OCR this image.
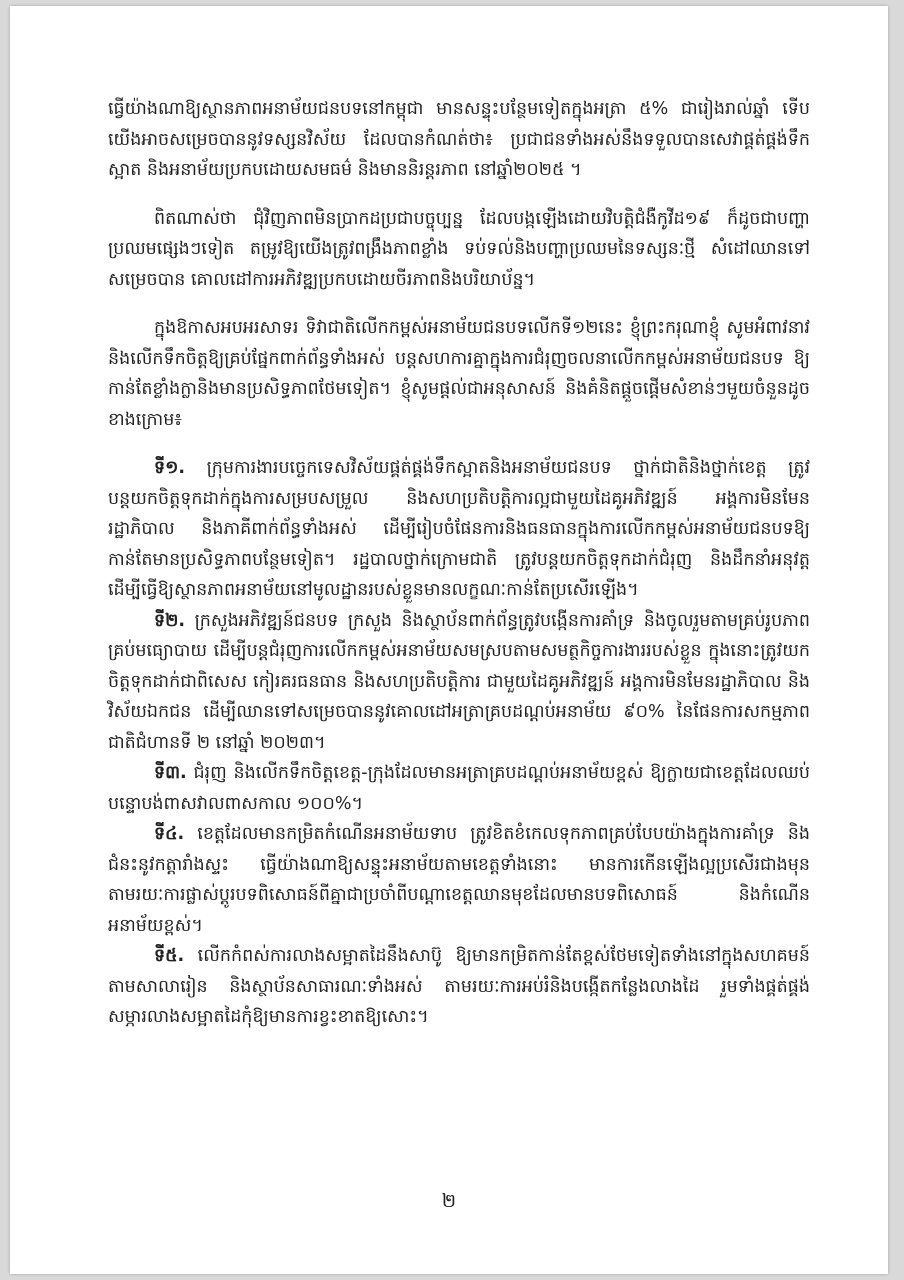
ធ្វើយ៉ាងណាឱ្យស្ថានភាពអនាម័យជនបទនៅកម្ពុជា មានសន្ទុះបន្ថែមទៀតក្នុងអត្រា ៥% ជារៀងរាល់ឆ្នាំ ទើបយើងអាចសម្រេចបាននូវទស្សនវិស័យ ដែលបានកំណត់ថា៖ ប្រជាជនទាំងអស់នឹងទទួលបានសេវាផ្គត់ផ្គង់ទឹកស្អាត និងអនាម័យប្រកបដោយសមធម៌ និងមាននិរន្តរភាព នៅឆ្នាំ២០២៥ ។

ពិតណាស់ថា ជុំវិញភាពមិនប្រាកដប្រជាបច្ចុប្បន្ន ដែលបង្កឡើងដោយវិបត្តិជំងឺកូវីដ១៩ ក៏ដូចជាបញ្ហាប្រឈមផ្សេងៗទៀត តម្រូវឱ្យយើងត្រូវពង្រឹងភាពខ្លាំង ទប់ទល់និងបញ្ហាប្រឈមនៃទស្សនៈថ្មី សំដៅឈានទៅសម្រេចបាន គោលដៅការអភិវឌ្ឍប្រកបដោយចីរភាពនិងបរិយាប័ន្ន។

ក្នុងឱកាសអបអរសាទរ ទិវាជាតិលើកកម្ពស់អនាម័យជនបទលើកទី១២នេះ ខ្ញុំព្រះករុណាខ្ញុំ សូមអំពាវនាវ និងលើកទឹកចិត្តឱ្យគ្រប់ផ្នែកពាក់ព័ន្ធទាំងអស់ បន្តសហការគ្នាក្នុងការជំរុញចលនាលើកកម្ពស់អនាម័យជនបទ ឱ្យកាន់តែខ្លាំងក្លានិងមានប្រសិទ្ធភាពថែមទៀត។ ខ្ញុំសូមផ្តល់ជាអនុសាសន៍ និងគំនិតផ្តួចផ្តើមសំខាន់ៗមួយចំនួនដូចខាងក្រោម៖

ទី១. ក្រុមការងារបច្ចេកទេសវិស័យផ្គត់ផ្គង់ទឹកស្អាតនិងអនាម័យជនបទ ថ្នាក់ជាតិនិងថ្នាក់ខេត្ត ត្រូវបន្តយកចិត្តទុកដាក់ក្នុងការសម្របសម្រួល និងសហប្រតិបត្តិការល្អជាមួយដៃគូអភិវឌ្ឍន៍ អង្គការមិនមែនរដ្ឋាភិបាល និងភាគីពាក់ព័ន្ធទាំងអស់ ដើម្បីរៀបចំផែនការនិងធនធានក្នុងការលើកកម្ពស់អនាម័យជនបទឱ្យកាន់តែមានប្រសិទ្ធភាពបន្ថែមទៀត។ រដ្ឋបាលថ្នាក់ក្រោមជាតិ ត្រូវបន្តយកចិត្តទុកដាក់ជំរុញ និងដឹកនាំអនុវត្ត ដើម្បីធ្វើឱ្យស្ថានភាពអនាម័យនៅមូលដ្ឋានរបស់ខ្លួនមានលក្ខណៈកាន់តែប្រសើរឡើង។

ទី២. ក្រសួងអភិវឌ្ឍន៍ជនបទ ក្រសួង និងស្ថាប័នពាក់ព័ន្ធត្រូវបង្កើនការគាំទ្រ និងចូលរួមតាមគ្រប់រូបភាព គ្រប់មធ្យោបាយ ដើម្បីបន្តជំរុញការលើកកម្ពស់អនាម័យសមស្របតាមសមត្ថកិច្ចការងាររបស់ខ្លួន ក្នុងនោះត្រូវយកចិត្តទុកដាក់ជាពិសេស កៀរគរធនធាន និងសហប្រតិបត្តិការ ជាមួយដៃគូអភិវឌ្ឍន៍ អង្គការមិនមែនរដ្ឋាភិបាល និងវិស័យឯកជន ដើម្បីឈានទៅសម្រេចបាននូវគោលដៅអត្រាគ្របដណ្តប់អនាម័យ ៩០% នៃផែនការសកម្មភាពជាតិជំហានទី ២ នៅឆ្នាំ ២០២៣។

ទី៣. ជំរុញ និងលើកទឹកចិត្តខេត្ត-ក្រុងដែលមានអត្រាគ្របដណ្តប់អនាម័យខ្ពស់ ឱ្យក្លាយជាខេត្តដែលឈប់បន្ទោបង់ពាសវាលពាសកាល ១០០%។

ទី៤. ខេត្តដែលមានកម្រិតកំណើនអនាម័យទាប ត្រូវខិតខំកេលទុកភាពគ្រប់បែបយ៉ាងក្នុងការគាំទ្រ និងជំនះនូវកត្តារាំងស្ទះ ធ្វើយ៉ាងណាឱ្យសន្ទុះអនាម័យតាមខេត្តទាំងនោះ មានការកើនឡើងល្អប្រសើរជាងមុន តាមរយៈការផ្លាស់ប្តូរបទពិសោធន៍ពីគ្នាជាប្រចាំពីបណ្តាខេត្តឈានមុខដែលមានបទពិសោធន៍ និងកំណើនអនាម័យខ្ពស់។

ទី៥. លើកកំពស់ការលាងសម្អាតដៃនឹងសាប៊ូ ឱ្យមានកម្រិតកាន់តែខ្ពស់ថែមទៀតទាំងនៅក្នុងសហគមន៍ តាមសាលារៀន និងស្ថាប័នសាធារណៈទាំងអស់ តាមរយៈការអប់រំនិងបង្កើតកន្លែងលាងដៃ រួមទាំងផ្គត់ផ្គង់សម្ភារលាងសម្អាតដៃកុំឱ្យមានការខ្វះខាតឱ្យសោះ។

២
